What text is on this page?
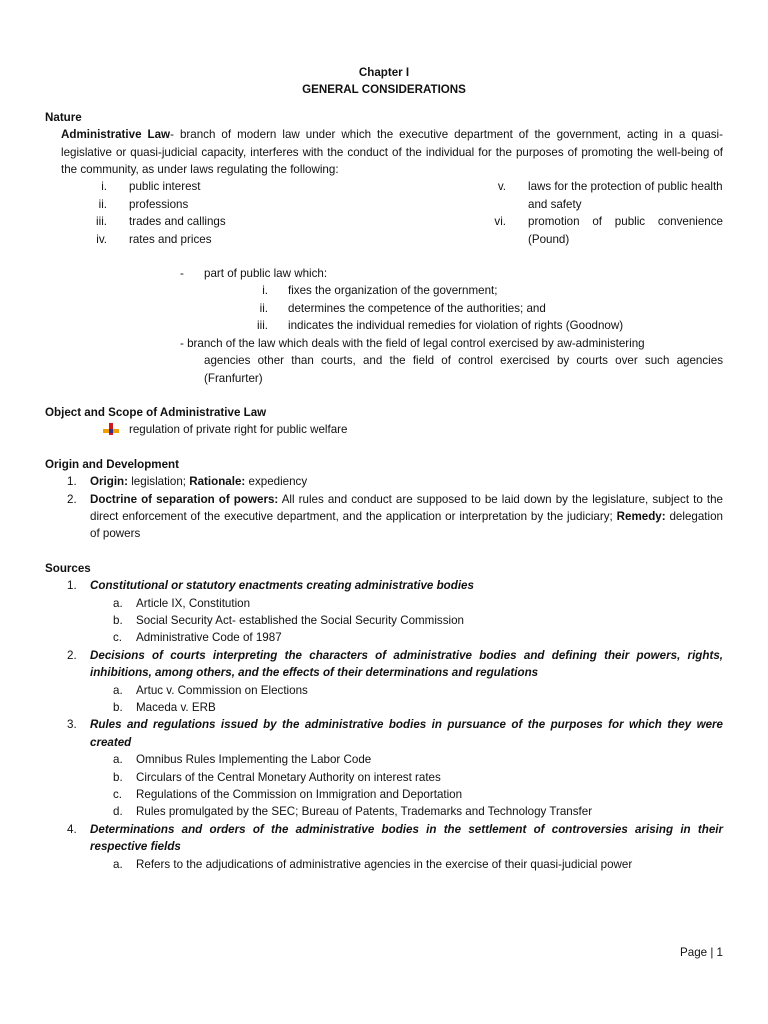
Chapter I

GENERAL CONSIDERATIONS

Nature

Administrative Law- branch of modern law under which the executive department of the government, acting in a quasi-legislative or quasi-judicial capacity, interferes with the conduct of the individual for the purposes of promoting the well-being of the community, as under laws regulating the following:
i.	public interest
ii.	professions
iii.	trades and callings
iv.	rates and prices
v.	laws for the protection of public health and safety
vi.	promotion of public convenience (Pound)
-	part of public law which:
i.	fixes the organization of the government;
ii.	determines the competence of the authorities; and
iii.	indicates the individual remedies for violation of rights (Goodnow)
- branch of the law which deals with the field of legal control exercised by aw-administering
agencies other than courts, and the field of control exercised by courts over such agencies (Franfurter)

Object and Scope of Administrative Law

regulation of private right for public welfare

Origin and Development

1.	Origin: legislation; Rationale: expediency
2.	Doctrine of separation of powers: All rules and conduct are supposed to be laid down by the legislature, subject to the direct enforcement of the executive department, and the application or interpretation by the judiciary; Remedy: delegation of powers

Sources

1.	Constitutional or statutory enactments creating administrative bodies
a.	Article IX, Constitution
b.	Social Security Act- established the Social Security Commission
c.	Administrative Code of 1987
2.	Decisions of courts interpreting the characters of administrative bodies and defining their powers, rights, inhibitions, among others, and the effects of their determinations and regulations
a.	Artuc v. Commission on Elections
b.	Maceda v. ERB
3.	Rules and regulations issued by the administrative bodies in pursuance of the purposes for which they were created
a.	Omnibus Rules Implementing the Labor Code
b.	Circulars of the Central Monetary Authority on interest rates
c.	Regulations of the Commission on Immigration and Deportation
d.	Rules promulgated by the SEC; Bureau of Patents, Trademarks and Technology Transfer
4.	Determinations and orders of the administrative bodies in the settlement of controversies arising in their respective fields
a.	Refers to the adjudications of administrative agencies in the exercise of their quasi-judicial power
Page | 1
